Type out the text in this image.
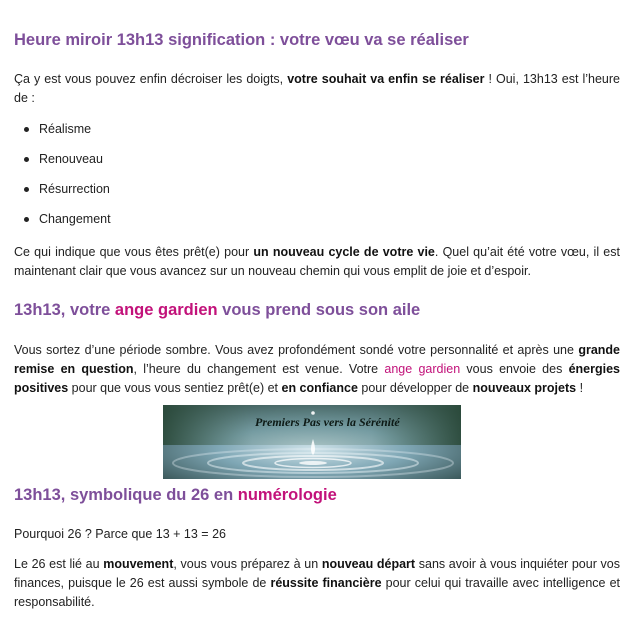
Heure miroir 13h13 signification : votre vœu va se réaliser

Ça y est vous pouvez enfin décroiser les doigts, votre souhait va enfin se réaliser ! Oui, 13h13 est l’heure de :

Réalisme
Renouveau
Résurrection
Changement

Ce qui indique que vous êtes prêt(e) pour un nouveau cycle de votre vie. Quel qu’ait été votre vœu, il est maintenant clair que vous avancez sur un nouveau chemin qui vous emplit de joie et d’espoir.

13h13, votre ange gardien vous prend sous son aile

Vous sortez d’une période sombre. Vous avez profondément sondé votre personnalité et après une grande remise en question, l’heure du changement est venue. Votre ange gardien vous envoie des énergies positives pour que vous vous sentiez prêt(e) et en confiance pour développer de nouveaux projets !

Premiers Pas vers la Sérénité
13h13, symbolique du 26 en numérologie

Pourquoi 26 ? Parce que 13 + 13 = 26

Le 26 est lié au mouvement, vous vous préparez à un nouveau départ sans avoir à vous inquiéter pour vos finances, puisque le 26 est aussi symbole de réussite financière pour celui qui travaille avec intelligence et responsabilité.
